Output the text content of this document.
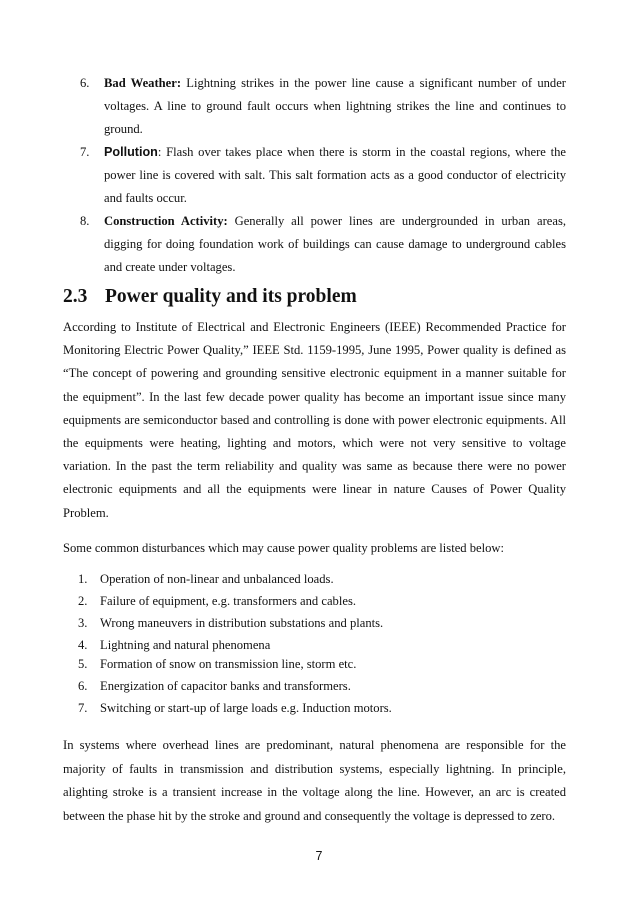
6. Bad Weather: Lightning strikes in the power line cause a significant number of under voltages. A line to ground fault occurs when lightning strikes the line and continues to ground.
7. Pollution: Flash over takes place when there is storm in the coastal regions, where the power line is covered with salt. This salt formation acts as a good conductor of electricity and faults occur.
8. Construction Activity: Generally all power lines are undergrounded in urban areas, digging for doing foundation work of buildings can cause damage to underground cables and create under voltages.
2.3 Power quality and its problem

According to Institute of Electrical and Electronic Engineers (IEEE) Recommended Practice for Monitoring Electric Power Quality,” IEEE Std. 1159-1995, June 1995, Power quality is defined as “The concept of powering and grounding sensitive electronic equipment in a manner suitable for the equipment”. In the last few decade power quality has become an important issue since many equipments are semiconductor based and controlling is done with power electronic equipments. All the equipments were heating, lighting and motors, which were not very sensitive to voltage variation. In the past the term reliability and quality was same as because there were no power electronic equipments and all the equipments were linear in nature Causes of Power Quality Problem.

Some common disturbances which may cause power quality problems are listed below:

1. Operation of non-linear and unbalanced loads.
2. Failure of equipment, e.g. transformers and cables.
3. Wrong maneuvers in distribution substations and plants.
4. Lightning and natural phenomena
5. Formation of snow on transmission line, storm etc.
6. Energization of capacitor banks and transformers.
7. Switching or start-up of large loads e.g. Induction motors.

In systems where overhead lines are predominant, natural phenomena are responsible for the majority of faults in transmission and distribution systems, especially lightning. In principle, alighting stroke is a transient increase in the voltage along the line. However, an arc is created between the phase hit by the stroke and ground and consequently the voltage is depressed to zero.

7
